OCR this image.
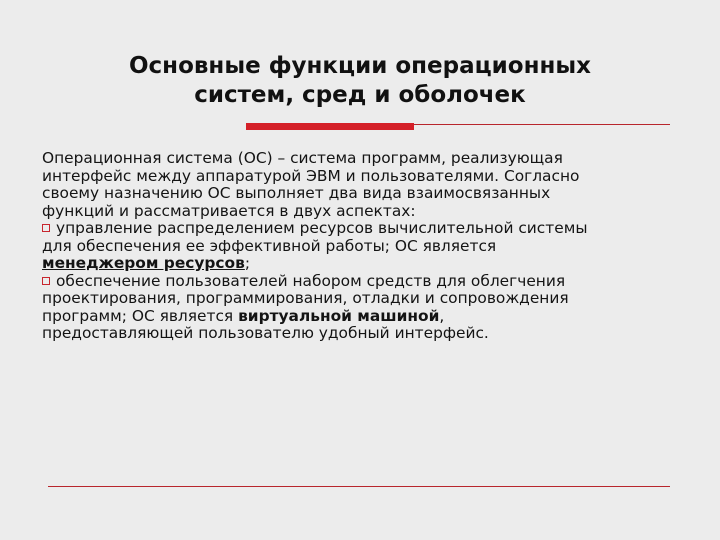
Основные функции операционных
систем, сред и оболочек
Операционная система (ОС) – система программ, реализующая
интерфейс между аппаратурой ЭВМ и пользователями. Согласно
своему назначению ОС выполняет два вида взаимосвязанных
функций и рассматривается в двух аспектах:
управление распределением ресурсов вычислительной системы
для обеспечения ее эффективной работы; ОС является
менеджером ресурсов;
обеспечение пользователей набором средств для облегчения
проектирования, программирования, отладки и сопровождения
программ; ОС является виртуальной машиной,
предоставляющей пользователю удобный интерфейс.
